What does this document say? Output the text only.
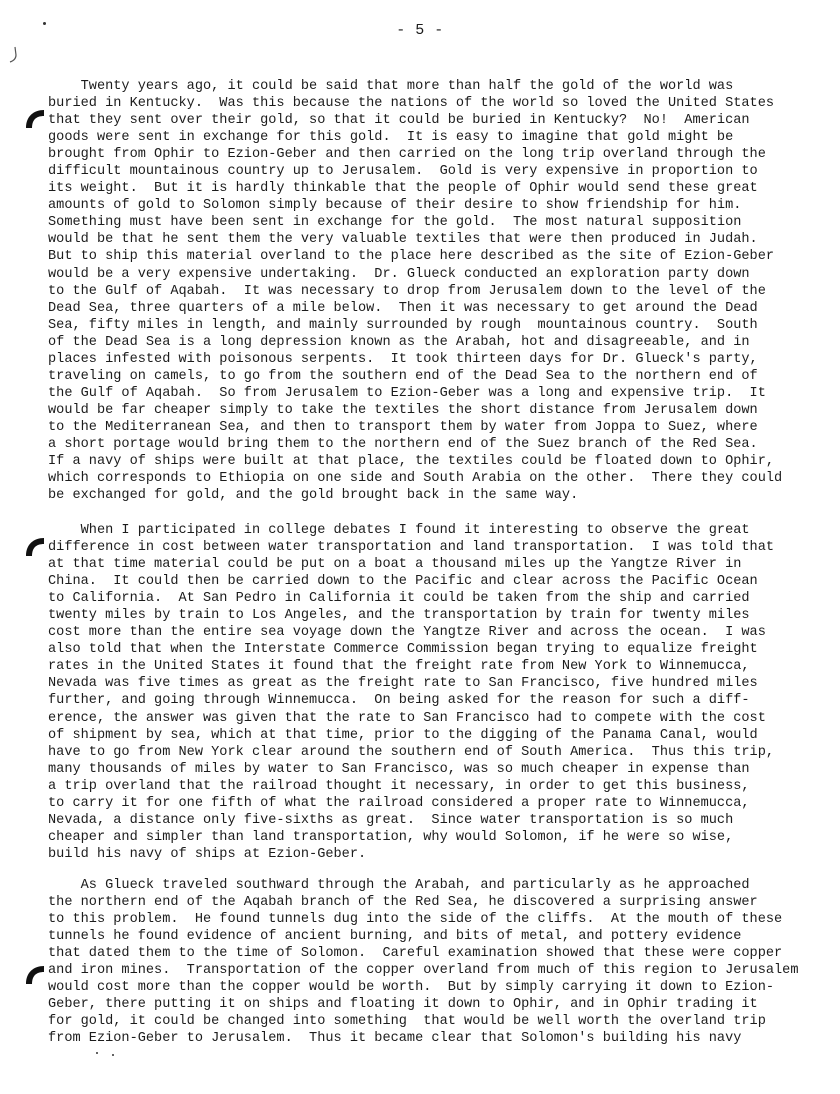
- 5 -
Twenty years ago, it could be said that more than half the gold of the world was
buried in Kentucky.  Was this because the nations of the world so loved the United States
that they sent over their gold, so that it could be buried in Kentucky?  No!  American
goods were sent in exchange for this gold.  It is easy to imagine that gold might be
brought from Ophir to Ezion-Geber and then carried on the long trip overland through the
difficult mountainous country up to Jerusalem.  Gold is very expensive in proportion to
its weight.  But it is hardly thinkable that the people of Ophir would send these great
amounts of gold to Solomon simply because of their desire to show friendship for him.
Something must have been sent in exchange for the gold.  The most natural supposition
would be that he sent them the very valuable textiles that were then produced in Judah.
But to ship this material overland to the place here described as the site of Ezion-Geber
would be a very expensive undertaking.  Dr. Glueck conducted an exploration party down
to the Gulf of Aqabah.  It was necessary to drop from Jerusalem down to the level of the
Dead Sea, three quarters of a mile below.  Then it was necessary to get around the Dead
Sea, fifty miles in length, and mainly surrounded by rough  mountainous country.  South
of the Dead Sea is a long depression known as the Arabah, hot and disagreeable, and in
places infested with poisonous serpents.  It took thirteen days for Dr. Glueck's party,
traveling on camels, to go from the southern end of the Dead Sea to the northern end of
the Gulf of Aqabah.  So from Jerusalem to Ezion-Geber was a long and expensive trip.  It
would be far cheaper simply to take the textiles the short distance from Jerusalem down
to the Mediterranean Sea, and then to transport them by water from Joppa to Suez, where
a short portage would bring them to the northern end of the Suez branch of the Red Sea.
If a navy of ships were built at that place, the textiles could be floated down to Ophir,
which corresponds to Ethiopia on one side and South Arabia on the other.  There they could
be exchanged for gold, and the gold brought back in the same way.
When I participated in college debates I found it interesting to observe the great
difference in cost between water transportation and land transportation.  I was told that
at that time material could be put on a boat a thousand miles up the Yangtze River in
China.  It could then be carried down to the Pacific and clear across the Pacific Ocean
to California.  At San Pedro in California it could be taken from the ship and carried
twenty miles by train to Los Angeles, and the transportation by train for twenty miles
cost more than the entire sea voyage down the Yangtze River and across the ocean.  I was
also told that when the Interstate Commerce Commission began trying to equalize freight
rates in the United States it found that the freight rate from New York to Winnemucca,
Nevada was five times as great as the freight rate to San Francisco, five hundred miles
further, and going through Winnemucca.  On being asked for the reason for such a diff-
erence, the answer was given that the rate to San Francisco had to compete with the cost
of shipment by sea, which at that time, prior to the digging of the Panama Canal, would
have to go from New York clear around the southern end of South America.  Thus this trip,
many thousands of miles by water to San Francisco, was so much cheaper in expense than
a trip overland that the railroad thought it necessary, in order to get this business,
to carry it for one fifth of what the railroad considered a proper rate to Winnemucca,
Nevada, a distance only five-sixths as great.  Since water transportation is so much
cheaper and simpler than land transportation, why would Solomon, if he were so wise,
build his navy of ships at Ezion-Geber.
As Glueck traveled southward through the Arabah, and particularly as he approached
the northern end of the Aqabah branch of the Red Sea, he discovered a surprising answer
to this problem.  He found tunnels dug into the side of the cliffs.  At the mouth of these
tunnels he found evidence of ancient burning, and bits of metal, and pottery evidence
that dated them to the time of Solomon.  Careful examination showed that these were copper
and iron mines.  Transportation of the copper overland from much of this region to Jerusalem
would cost more than the copper would be worth.  But by simply carrying it down to Ezion-
Geber, there putting it on ships and floating it down to Ophir, and in Ophir trading it
for gold, it could be changed into something  that would be well worth the overland trip
from Ezion-Geber to Jerusalem.  Thus it became clear that Solomon's building his navy
